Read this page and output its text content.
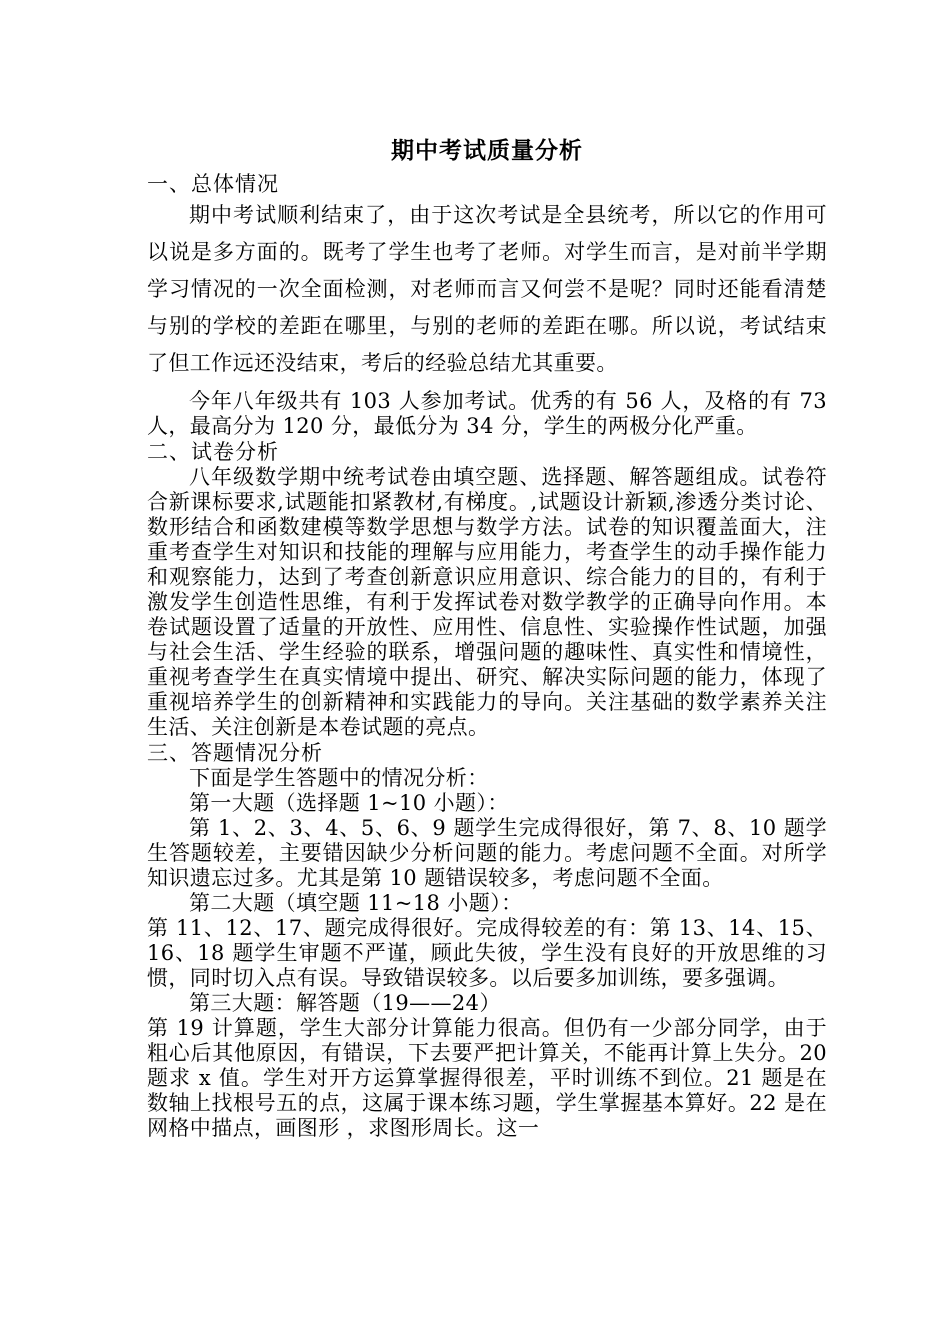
期中考试质量分析

一、总体情况

期中考试顺利结束了，由于这次考试是全县统考，所以它的作用可以说是多方面的。既考了学生也考了老师。对学生而言，是对前半学期学习情况的一次全面检测，对老师而言又何尝不是呢？同时还能看清楚与别的学校的差距在哪里，与别的老师的差距在哪。所以说，考试结束了但工作远还没结束，考后的经验总结尤其重要。

今年八年级共有 103 人参加考试。优秀的有 56 人，及格的有 73 人，最高分为 120 分，最低分为 34 分，学生的两极分化严重。

二、试卷分析

八年级数学期中统考试卷由填空题、选择题、解答题组成。试卷符合新课标要求,试题能扣紧教材,有梯度。,试题设计新颖,渗透分类讨论、数形结合和函数建模等数学思想与数学方法。试卷的知识覆盖面大，注重考查学生对知识和技能的理解与应用能力，考查学生的动手操作能力和观察能力，达到了考查创新意识应用意识、综合能力的目的，有利于激发学生创造性思维，有利于发挥试卷对数学教学的正确导向作用。本卷试题设置了适量的开放性、应用性、信息性、实验操作性试题，加强与社会生活、学生经验的联系，增强问题的趣味性、真实性和情境性，重视考查学生在真实情境中提出、研究、解决实际问题的能力，体现了重视培养学生的创新精神和实践能力的导向。关注基础的数学素养关注生活、关注创新是本卷试题的亮点。

三、答题情况分析

下面是学生答题中的情况分析：

第一大题（选择题 1~10 小题）：

第 1、2、3、4、5、6、9 题学生完成得很好，第 7、8、10 题学生答题较差，主要错因缺少分析问题的能力。考虑问题不全面。对所学知识遗忘过多。尤其是第 10 题错误较多，考虑问题不全面。

第二大题（填空题 11~18 小题）：

第 11、12、17、题完成得很好。完成得较差的有：第 13、14、15、16、18 题学生审题不严谨，顾此失彼，学生没有良好的开放思维的习惯，同时切入点有误。导致错误较多。以后要多加训练，要多强调。

第三大题：解答题（19——24）

第 19 计算题，学生大部分计算能力很高。但仍有一少部分同学，由于粗心后其他原因，有错误，下去要严把计算关，不能再计算上失分。20 题求 x 值。学生对开方运算掌握得很差，平时训练不到位。21 题是在数轴上找根号五的点，这属于课本练习题，学生掌握基本算好。22 是在网格中描点，画图形 ，求图形周长。这一
